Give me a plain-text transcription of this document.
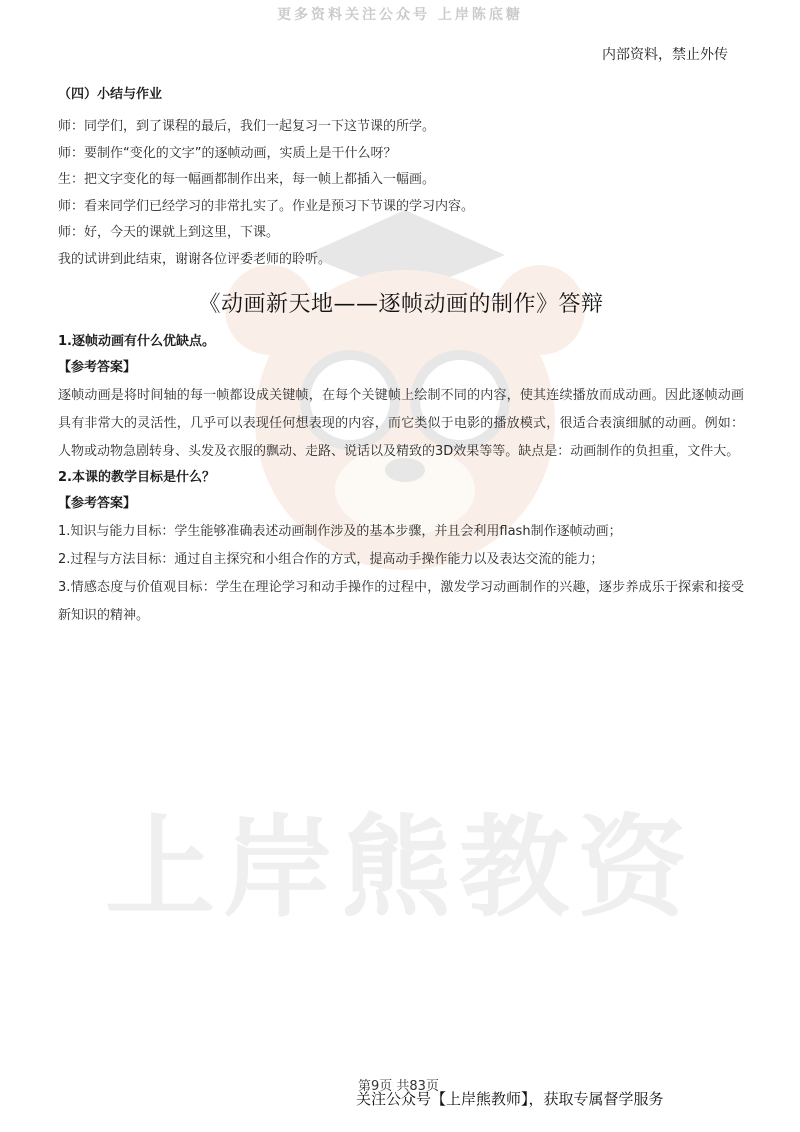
更多资料关注公众号 上岸陈底糖
内部资料，禁止外传
上岸熊教资
（四）小结与作业

师：同学们，到了课程的最后，我们一起复习一下这节课的所学。

师：要制作“变化的文字”的逐帧动画，实质上是干什么呀？

生：把文字变化的每一幅画都制作出来，每一帧上都插入一幅画。

师：看来同学们已经学习的非常扎实了。作业是预习下节课的学习内容。

师：好，今天的课就上到这里，下课。

我的试讲到此结束，谢谢各位评委老师的聆听。

《动画新天地——逐帧动画的制作》答辩
1.逐帧动画有什么优缺点。
【参考答案】

逐帧动画是将时间轴的每一帧都设成关键帧，在每个关键帧上绘制不同的内容，使其连续播放而成动画。因此逐帧动画具有非常大的灵活性，几乎可以表现任何想表现的内容，而它类似于电影的播放模式，很适合表演细腻的动画。例如：人物或动物急剧转身、头发及衣服的飘动、走路、说话以及精致的3D效果等等。缺点是：动画制作的负担重，文件大。

2.本课的教学目标是什么？
【参考答案】

1.知识与能力目标：学生能够准确表述动画制作涉及的基本步骤，并且会利用flash制作逐帧动画；

2.过程与方法目标：通过自主探究和小组合作的方式，提高动手操作能力以及表达交流的能力；

3.情感态度与价值观目标：学生在理论学习和动手操作的过程中，激发学习动画制作的兴趣，逐步养成乐于探索和接受新知识的精神。

第9页 共83页
关注公众号【上岸熊教师】，获取专属督学服务
